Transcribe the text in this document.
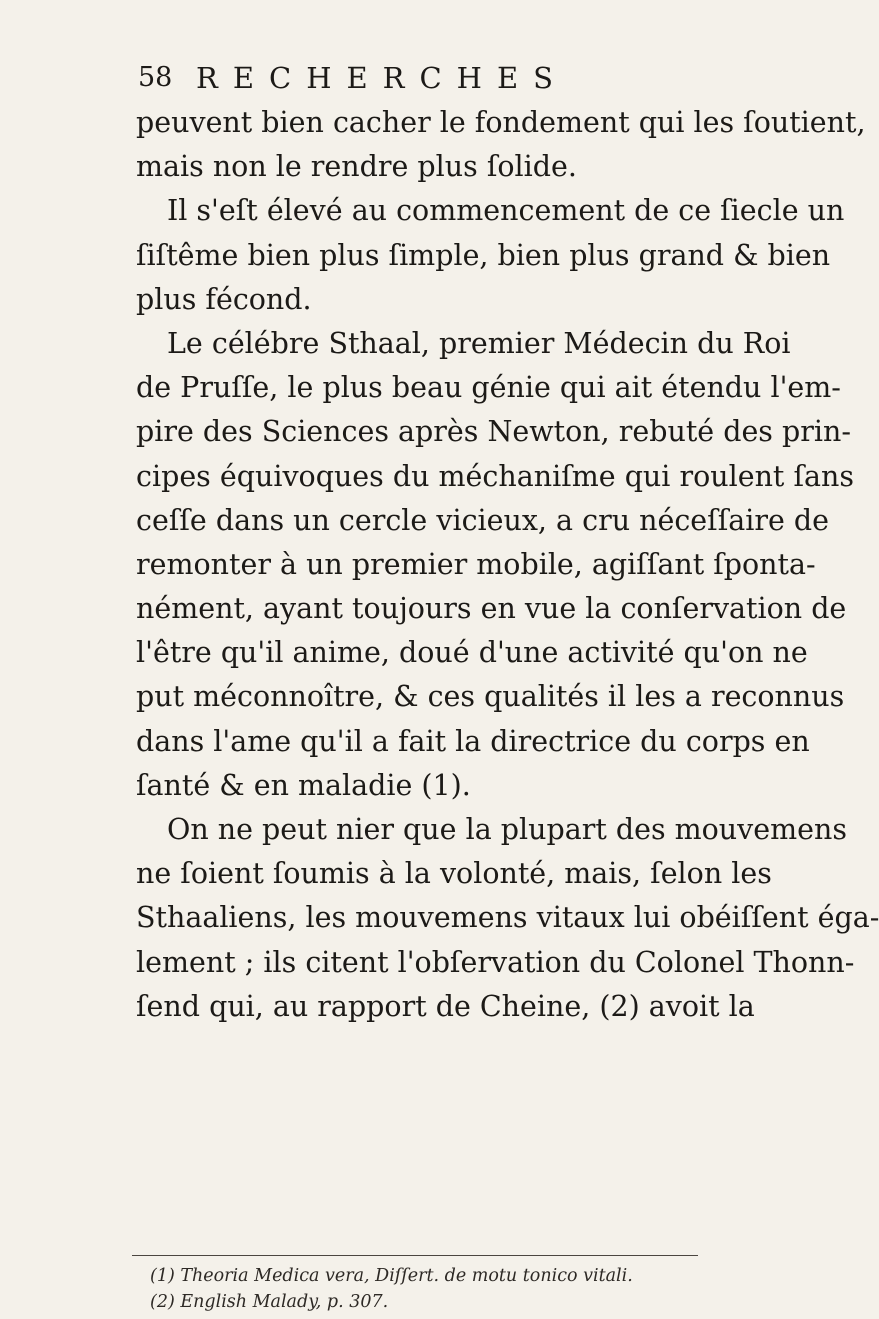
58 RECHERCHES
peuvent bien cacher le fondement qui les ſoutient,
mais non le rendre plus ſolide.
Il s'eſt élevé au commencement de ce ſiecle un
ſiſtême bien plus ſimple, bien plus grand & bien
plus fécond.
Le célébre Sthaal, premier Médecin du Roi
de Pruſſe, le plus beau génie qui ait étendu l'em-
pire des Sciences après Newton, rebuté des prin-
cipes équivoques du méchaniſme qui roulent ſans
ceſſe dans un cercle vicieux, a cru néceſſaire de
remonter à un premier mobile, agiſſant ſponta-
nément, ayant toujours en vue la conſervation de
l'être qu'il anime, doué d'une activité qu'on ne
put méconnoître, & ces qualités il les a reconnus
dans l'ame qu'il a fait la directrice du corps en
ſanté & en maladie (1).
On ne peut nier que la plupart des mouvemens
ne ſoient ſoumis à la volonté, mais, ſelon les
Sthaaliens, les mouvemens vitaux lui obéiſſent éga-
lement ; ils citent l'obſervation du Colonel Thonn-
ſend qui, au rapport de Cheine, (2) avoit la
(1) Theoria Medica vera, Diſſert. de motu tonico vitali.
(2) English Malady, p. 307.
